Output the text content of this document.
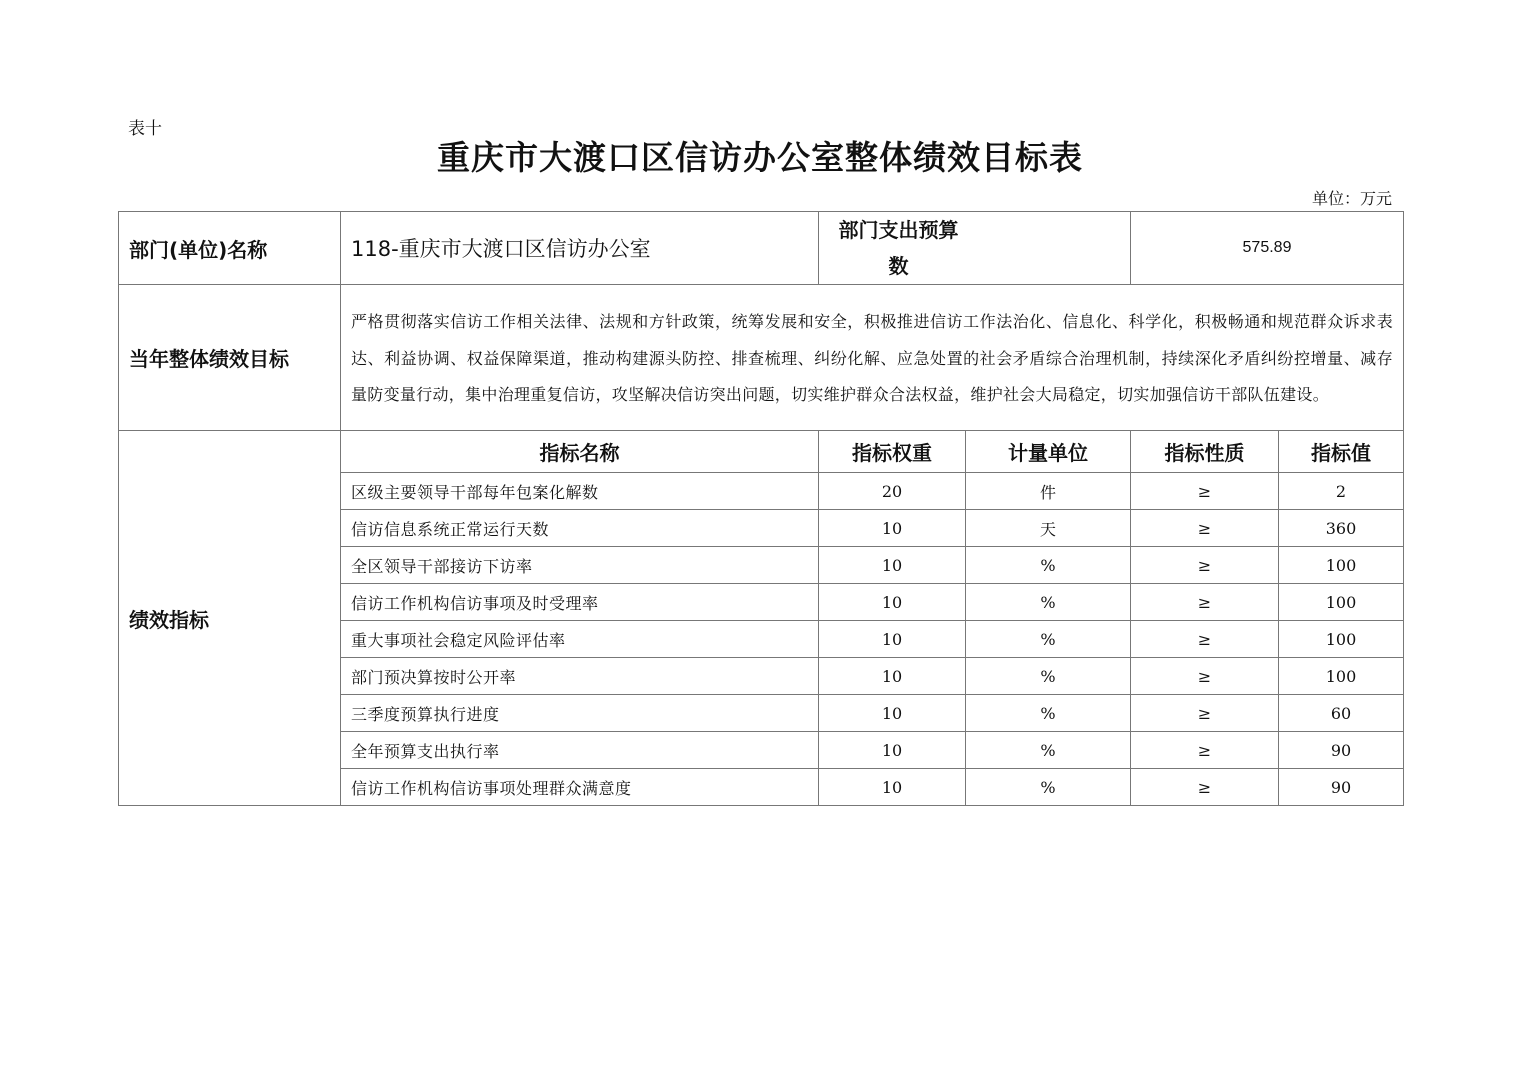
表十
重庆市大渡口区信访办公室整体绩效目标表
单位：万元
部门(单位)名称	118-重庆市大渡口区信访办公室	部门支出预算数		575.89	
当年整体绩效目标	严格贯彻落实信访工作相关法律、法规和方针政策，统筹发展和安全，积极推进信访工作法治化、信息化、科学化，积极畅通和规范群众诉求表达、利益协调、权益保障渠道，推动构建源头防控、排查梳理、纠纷化解、应急处置的社会矛盾综合治理机制，持续深化矛盾纠纷控增量、减存量防变量行动，集中治理重复信访，攻坚解决信访突出问题，切实维护群众合法权益，维护社会大局稳定，切实加强信访干部队伍建设。				
绩效指标	指标名称	指标权重	计量单位	指标性质	指标值
	区级主要领导干部每年包案化解数	20	件	≥	2
	信访信息系统正常运行天数	10	天	≥	360
	全区领导干部接访下访率	10	%	≥	100
	信访工作机构信访事项及时受理率	10	%	≥	100
	重大事项社会稳定风险评估率	10	%	≥	100
	部门预决算按时公开率	10	%	≥	100
	三季度预算执行进度	10	%	≥	60
	全年预算支出执行率	10	%	≥	90
	信访工作机构信访事项处理群众满意度	10	%	≥	90
